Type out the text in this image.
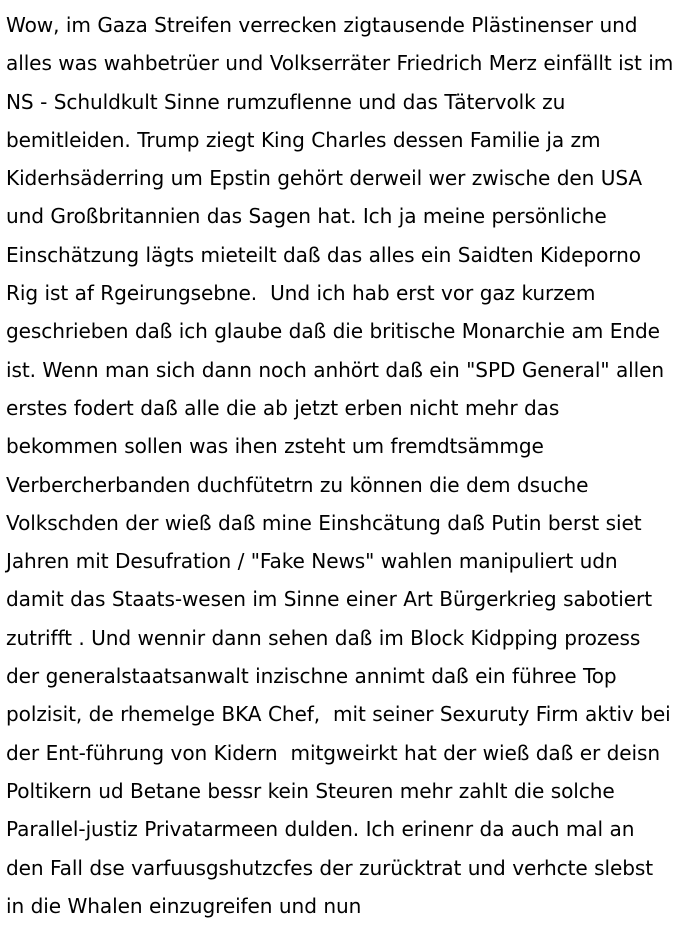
Wow, im Gaza Streifen verrecken zigtausende Plästinenser und alles was wahbetrüer und Volkserräter Friedrich Merz einfällt ist im NS - Schuldkult Sinne rumzuflenne und das Tätervolk zu bemitleiden. Trump ziegt King Charles dessen Familie ja zm Kiderhsäderring um Epstin gehört derweil wer zwische den USA und Großbritannien das Sagen hat. Ich ja meine persönliche Einschätzung lägts mieteilt daß das alles ein Saidten Kideporno Rig ist af Rgeirungsebne.  Und ich hab erst vor gaz kurzem geschrieben daß ich glaube daß die britische Monarchie am Ende ist. Wenn man sich dann noch anhört daß ein "SPD General" allen erstes fodert daß alle die ab jetzt erben nicht mehr das bekommen sollen was ihen zsteht um fremdtsämmge Verbercherbanden duchfütetrn zu können die dem dsuche Volkschden der wieß daß mine Einshcätung daß Putin berst siet Jahren mit Desufration / "Fake News" wahlen manipuliert udn damit das Staats-wesen im Sinne einer Art Bürgerkrieg sabotiert zutrifft . Und wennir dann sehen daß im Block Kidpping prozess  der generalstaatsanwalt inzischne annimt daß ein führee Top polzisit, de rhemelge BKA Chef,  mit seiner Sexuruty Firm aktiv bei der Ent-führung von Kidern  mitgweirkt hat der wieß daß er deisn Poltikern ud Betane bessr kein Steuren mehr zahlt die solche Parallel-justiz Privatarmeen dulden. Ich erinenr da auch mal an den Fall dse varfuusgshutzcfes der zurücktrat und verhcte slebst in die Whalen einzugreifen und nun
